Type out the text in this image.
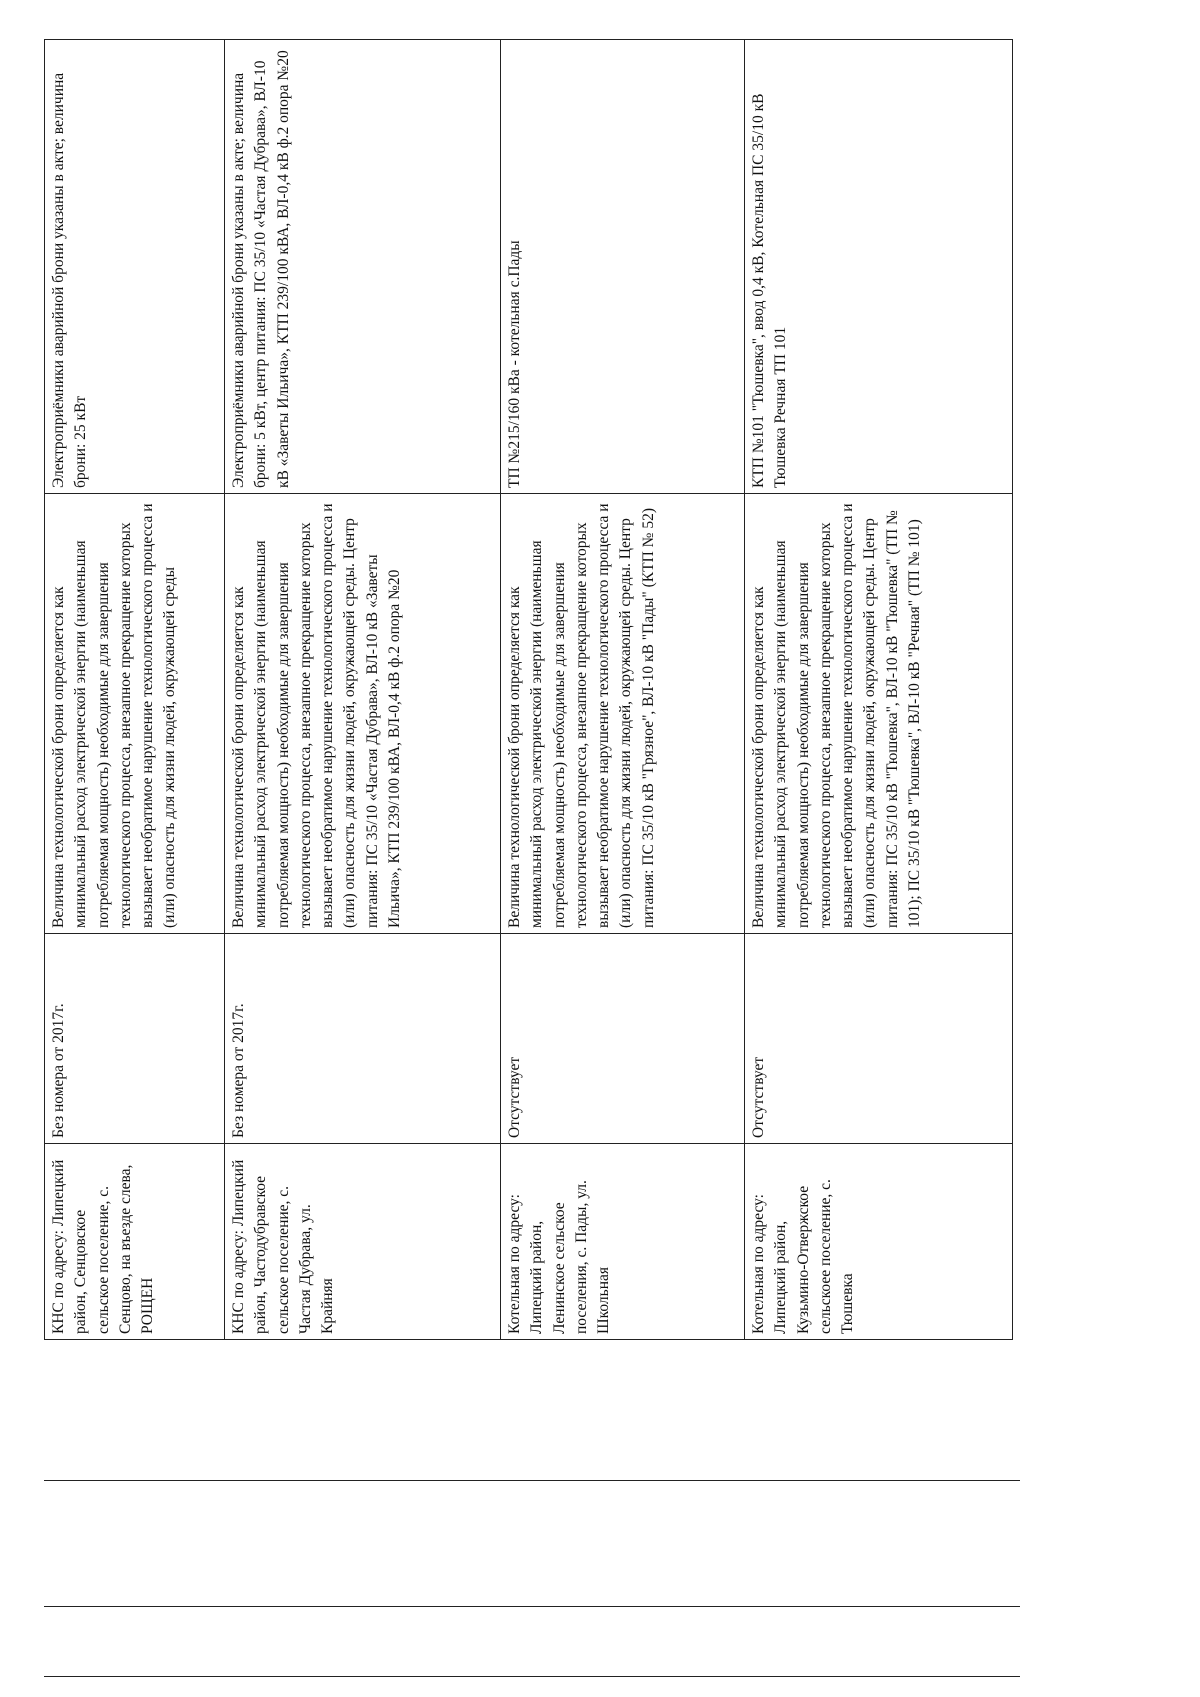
КНС по адресу: Липецкий район, Сенцовское сельское поселение, с. Сенцово, на въезде слева, РОЩЕН	Без номера от 2017г.	Величина технологической брони определяется как минимальный расход электрической энергии (наименьшая потребляемая мощность) необходимые для завершения технологического процесса, внезапное прекращение которых вызывает необратимое нарушение технологического процесса и (или) опасность для жизни людей, окружающей среды	Электроприёмники аварийной брони указаны в акте; величина брони: 25 кВт
КНС по адресу: Липецкий район, Частодубравское сельское поселение, с. Частая Дубрава, ул. Крайняя	Без номера от 2017г.	Величина технологической брони определяется как минимальный расход электрической энергии (наименьшая потребляемая мощность) необходимые для завершения технологического процесса, внезапное прекращение которых вызывает необратимое нарушение технологического процесса и (или) опасность для жизни людей, окружающей среды. Центр питания: ПС 35/10 «Частая Дубрава», ВЛ-10 кВ «Заветы Ильича», КТП 239/100 кВА, ВЛ-0,4 кВ ф.2 опора №20	Электроприёмники аварийной брони указаны в акте; величина брони: 5 кВт, центр питания: ПС 35/10 «Частая Дубрава», ВЛ-10 кВ «Заветы Ильича», КТП 239/100 кВА, ВЛ-0,4 кВ ф.2 опора №20
Котельная по адресу: Липецкий район, Ленинское сельское поселения, с. Пады, ул. Школьная	Отсутствует	Величина технологической брони определяется как минимальный расход электрической энергии (наименьшая потребляемая мощность) необходимые для завершения технологического процесса, внезапное прекращение которых вызывает необратимое нарушение технологического процесса и (или) опасность для жизни людей, окружающей среды. Центр питания: ПС 35/10 кВ "Грязное", ВЛ-10 кВ "Пады" (КТП № 52)	ТП №215/160 кВа - котельная с.Пады
Котельная по адресу: Липецкий район, Кузьмино-Отвержское сельскоее поселение, с. Тюшевка	Отсутствует	Величина технологической брони определяется как минимальный расход электрической энергии (наименьшая потребляемая мощность) необходимые для завершения технологического процесса, внезапное прекращение которых вызывает необратимое нарушение технологического процесса и (или) опасность для жизни людей, окружающей среды. Центр питания: ПС 35/10 кВ "Тюшевка", ВЛ-10 кВ "Тюшевка" (ТП № 101); ПС 35/10 кВ "Тюшевка", ВЛ-10 кВ "Речная" (ТП № 101)	КТП №101 "Тюшевка", ввод 0,4 кВ, Котельная ПС 35/10 кВ Тюшевка Речная ТП 101
